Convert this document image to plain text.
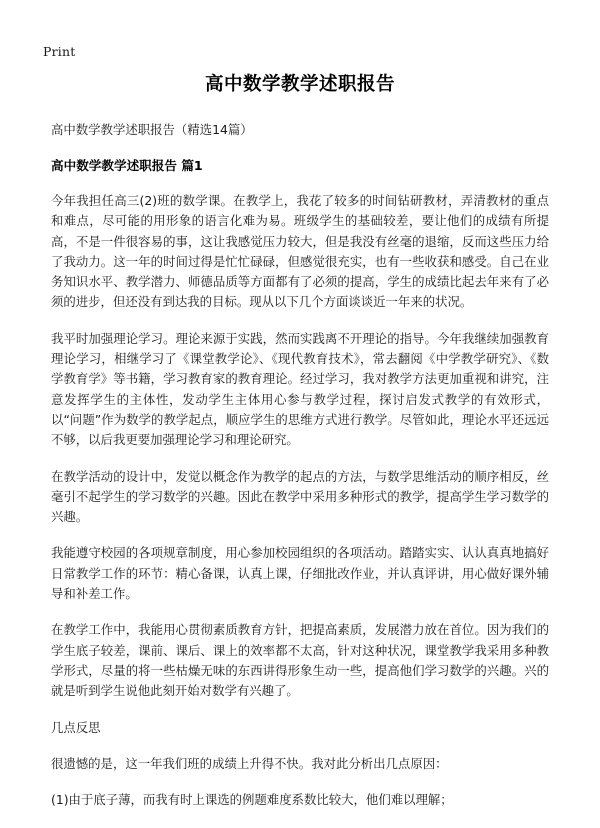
Print
高中数学教学述职报告
高中数学教学述职报告（精选14篇）
高中数学教学述职报告 篇1

今年我担任高三(2)班的数学课。在教学上，我花了较多的时间钻研教材，弄清教材的重点和难点，尽可能的用形象的语言化难为易。班级学生的基础较差，要让他们的成绩有所提高，不是一件很容易的事，这让我感觉压力较大，但是我没有丝毫的退缩，反而这些压力给了我动力。这一年的时间过得是忙忙碌碌，但感觉很充实，也有一些收获和感受。自己在业务知识水平、教学潜力、师德品质等方面都有了必须的提高，学生的成绩比起去年来有了必须的进步，但还没有到达我的目标。现从以下几个方面谈谈近一年来的状况。

我平时加强理论学习。理论来源于实践，然而实践离不开理论的指导。今年我继续加强教育理论学习，相继学习了《课堂教学论》、《现代教育技术》，常去翻阅《中学教学研究》、《数学教育学》等书籍，学习教育家的教育理论。经过学习，我对教学方法更加重视和讲究，注意发挥学生的主体性，发动学生主体用心参与教学过程，探讨启发式教学的有效形式，以“问题”作为数学的教学起点，顺应学生的思维方式进行教学。尽管如此，理论水平还远远不够，以后我更要加强理论学习和理论研究。

在教学活动的设计中，发觉以概念作为教学的起点的方法，与数学思维活动的顺序相反，丝毫引不起学生的学习数学的兴趣。因此在教学中采用多种形式的教学，提高学生学习数学的兴趣。

我能遵守校园的各项规章制度，用心参加校园组织的各项活动。踏踏实实、认认真真地搞好日常教学工作的环节：精心备课，认真上课，仔细批改作业，并认真评讲，用心做好课外辅导和补差工作。

在教学工作中，我能用心贯彻素质教育方针，把提高素质，发展潜力放在首位。因为我们的学生底子较差，课前、课后、课上的效率都不太高，针对这种状况，课堂教学我采用多种教学形式，尽量的将一些枯燥无味的东西讲得形象生动一些，提高他们学习数学的兴趣。兴的就是听到学生说他此刻开始对数学有兴趣了。

几点反思

很遗憾的是，这一年我们班的成绩上升得不快。我对此分析出几点原因：

(1)由于底子薄，而我有时上课选的例题难度系数比较大，他们难以理解；
